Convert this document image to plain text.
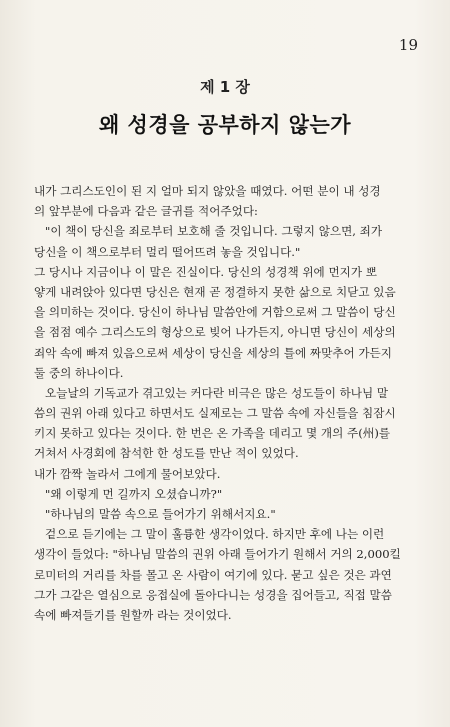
19
제 1 장
왜 성경을 공부하지 않는가
내가 그리스도인이 된 지 얼마 되지 않았을 때였다. 어떤 분이 내 성경
의 앞부분에 다음과 같은 글귀를 적어주었다:
"이 책이 당신을 죄로부터 보호해 줄 것입니다. 그렇지 않으면, 죄가
당신을 이 책으로부터 멀리 떨어뜨려 놓을 것입니다."
그 당시나 지금이나 이 말은 진실이다. 당신의 성경책 위에 먼지가 뽀
얗게 내려앉아 있다면 당신은 현재 곧 정결하지 못한 삶으로 치닫고 있음
을 의미하는 것이다. 당신이 하나님 말씀안에 거함으로써 그 말씀이 당신
을 점점 예수 그리스도의 형상으로 빚어 나가든지, 아니면 당신이 세상의
죄악 속에 빠져 있음으로써 세상이 당신을 세상의 틀에 짜맞추어 가든지
둘 중의 하나이다.
오늘날의 기독교가 겪고있는 커다란 비극은 많은 성도들이 하나님 말
씀의 권위 아래 있다고 하면서도 실제로는 그 말씀 속에 자신들을 침잠시
키지 못하고 있다는 것이다. 한 번은 온 가족을 데리고 몇 개의 주(州)를
거쳐서 사경회에 참석한 한 성도를 만난 적이 있었다.
내가 깜짝 놀라서 그에게 물어보았다.
"왜 이렇게 먼 길까지 오셨습니까?"
"하나님의 말씀 속으로 들어가기 위해서지요."
겉으로 듣기에는 그 말이 훌륭한 생각이었다. 하지만 후에 나는 이런
생각이 들었다: "하나님 말씀의 권위 아래 들어가기 원해서 거의 2,000킬
로미터의 거리를 차를 몰고 온 사람이 여기에 있다. 묻고 싶은 것은 과연
그가 그같은 열심으로 응접실에 돌아다니는 성경을 집어들고, 직접 말씀
속에 빠져들기를 원할까 라는 것이었다.
